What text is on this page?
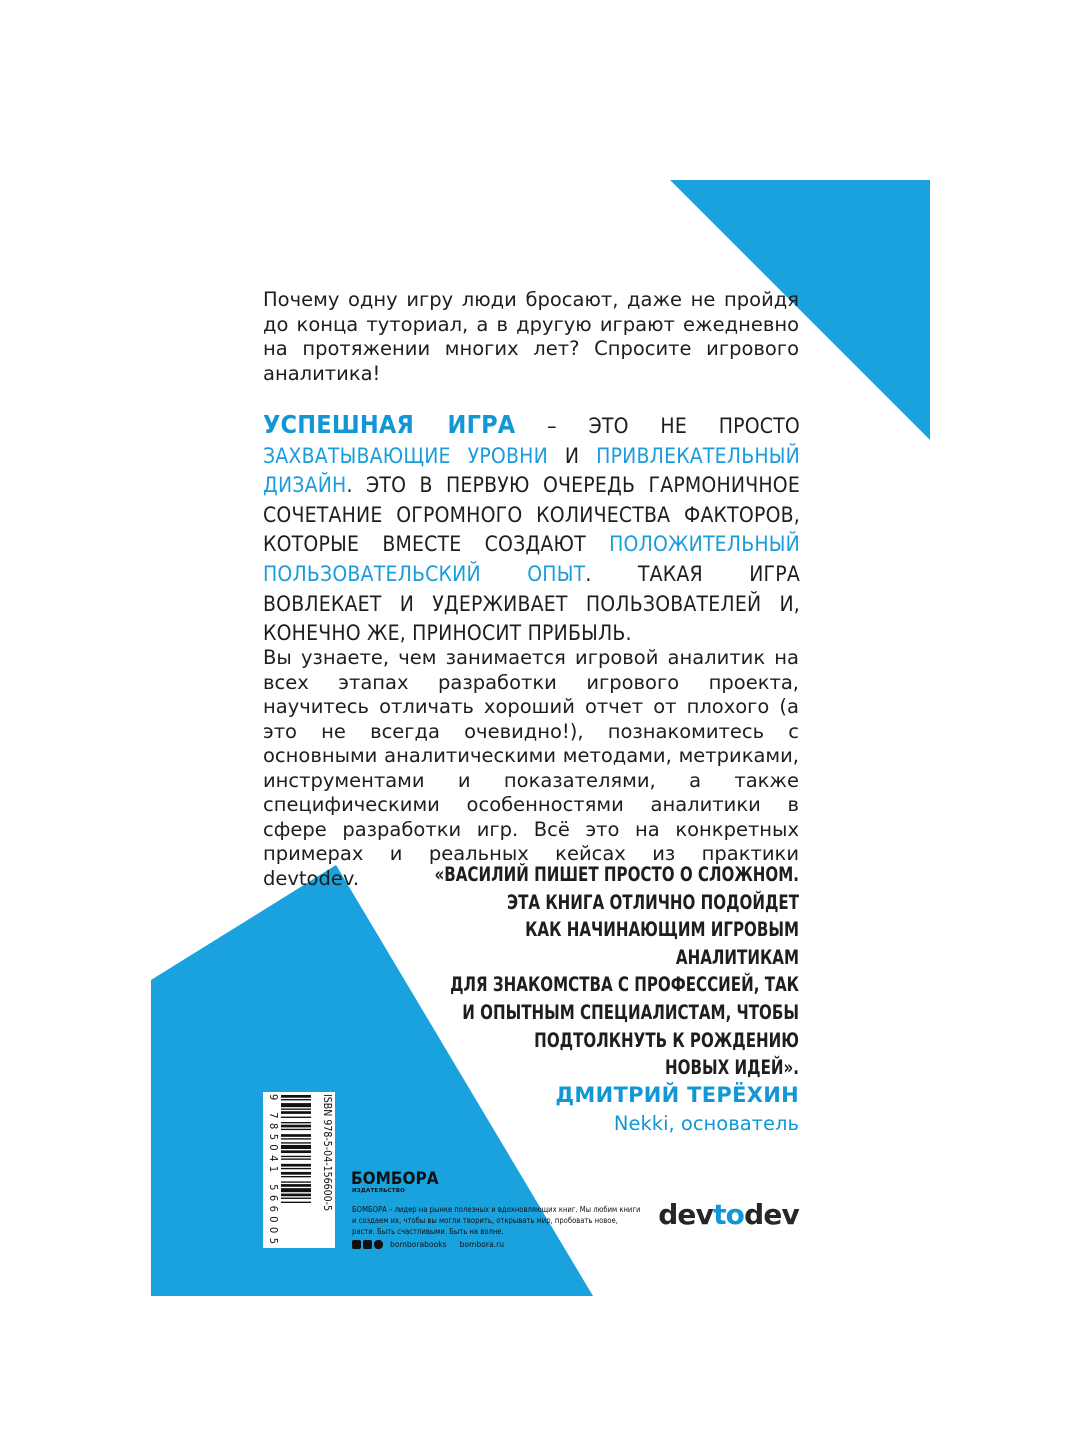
Почему одну игру люди бросают, даже не пройдя до конца туториал, а в другую играют ежедневно на протяжении многих лет? Спросите игрового аналитика!

УСПЕШНАЯ ИГРА – ЭТО НЕ ПРОСТО ЗАХВАТЫВАЮЩИЕ УРОВНИ И ПРИВЛЕКАТЕЛЬНЫЙ ДИЗАЙН. ЭТО В ПЕРВУЮ ОЧЕРЕДЬ ГАРМОНИЧНОЕ СОЧЕТАНИЕ ОГРОМНОГО КОЛИЧЕСТВА ФАКТОРОВ, КОТОРЫЕ ВМЕСТЕ СОЗДАЮТ ПОЛОЖИТЕЛЬНЫЙ ПОЛЬЗОВАТЕЛЬСКИЙ ОПЫТ. ТАКАЯ ИГРА ВОВЛЕКАЕТ И УДЕРЖИВАЕТ ПОЛЬЗОВАТЕЛЕЙ И, КОНЕЧНО ЖЕ, ПРИНОСИТ ПРИБЫЛЬ.

Вы узнаете, чем занимается игровой аналитик на всех этапах разработки игрового проекта, научитесь отличать хороший отчет от плохого (а это не всегда очевидно!), познакомитесь с основными аналитическими методами, метриками, инструментами и показателями, а также специфическими особенностями аналитики в сфере разработки игр. Всё это на конкретных примерах и реальных кейсах из практики devtodev.	«ВАСИЛИЙ ПИШЕТ ПРОСТО О СЛОЖНОМ.
ЭТА КНИГА ОТЛИЧНО ПОДОЙДЕТ
КАК НАЧИНАЮЩИМ ИГРОВЫМ АНАЛИТИКАМ
ДЛЯ ЗНАКОМСТВА С ПРОФЕССИЕЙ, ТАК
И ОПЫТНЫМ СПЕЦИАЛИСТАМ, ЧТОБЫ
ПОДТОЛКНУТЬ К РОЖДЕНИЮ
НОВЫХ ИДЕЙ».

ДМИТРИЙ ТЕРЁХИН

Nekki, основатель

ISBN 978-5-04-156600-5
9 785041 566005

БОМБОРА

ИЗДАТЕЛЬСТВО

БОМБОРА – лидер на рынке полезных и вдохновляющих книг. Мы любим книги и создаем их, чтобы вы могли творить, открывать мир, пробовать новое, расти. Быть счастливыми. Быть на волне.

bomborabooks bombora.ru

devtodev
